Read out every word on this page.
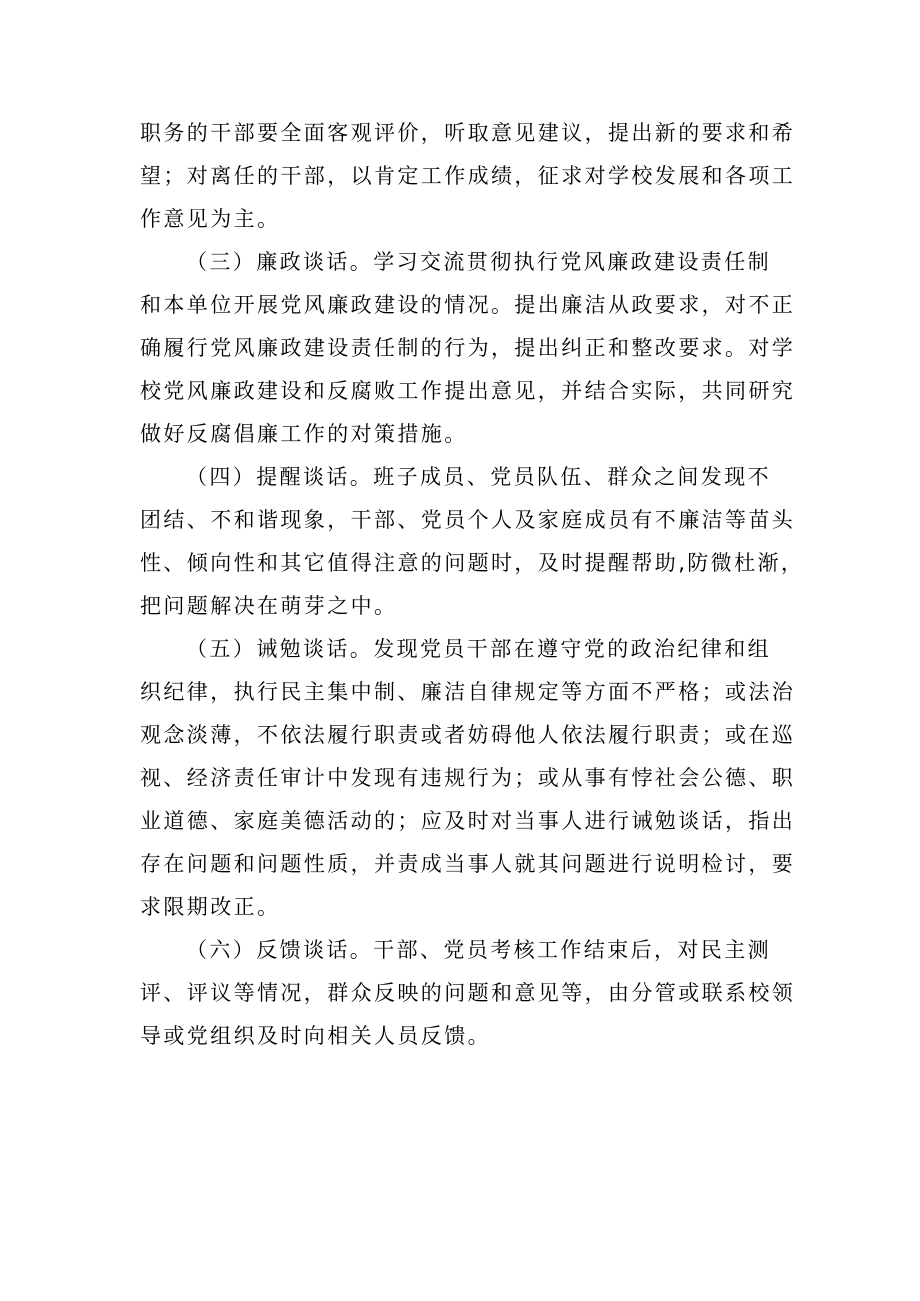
职务的干部要全面客观评价，听取意见建议，提出新的要求和希
望；对离任的干部，以肯定工作成绩，征求对学校发展和各项工
作意见为主。

（三）廉政谈话。学习交流贯彻执行党风廉政建设责任制
和本单位开展党风廉政建设的情况。提出廉洁从政要求，对不正
确履行党风廉政建设责任制的行为，提出纠正和整改要求。对学
校党风廉政建设和反腐败工作提出意见，并结合实际，共同研究
做好反腐倡廉工作的对策措施。

（四）提醒谈话。班子成员、党员队伍、群众之间发现不
团结、不和谐现象，干部、党员个人及家庭成员有不廉洁等苗头
性、倾向性和其它值得注意的问题时，及时提醒帮助,防微杜渐，
把问题解决在萌芽之中。

（五）诫勉谈话。发现党员干部在遵守党的政治纪律和组
织纪律，执行民主集中制、廉洁自律规定等方面不严格；或法治
观念淡薄，不依法履行职责或者妨碍他人依法履行职责；或在巡
视、经济责任审计中发现有违规行为；或从事有悖社会公德、职
业道德、家庭美德活动的；应及时对当事人进行诫勉谈话，指出
存在问题和问题性质，并责成当事人就其问题进行说明检讨，要
求限期改正。

（六）反馈谈话。干部、党员考核工作结束后，对民主测
评、评议等情况，群众反映的问题和意见等，由分管或联系校领
导或党组织及时向相关人员反馈。
